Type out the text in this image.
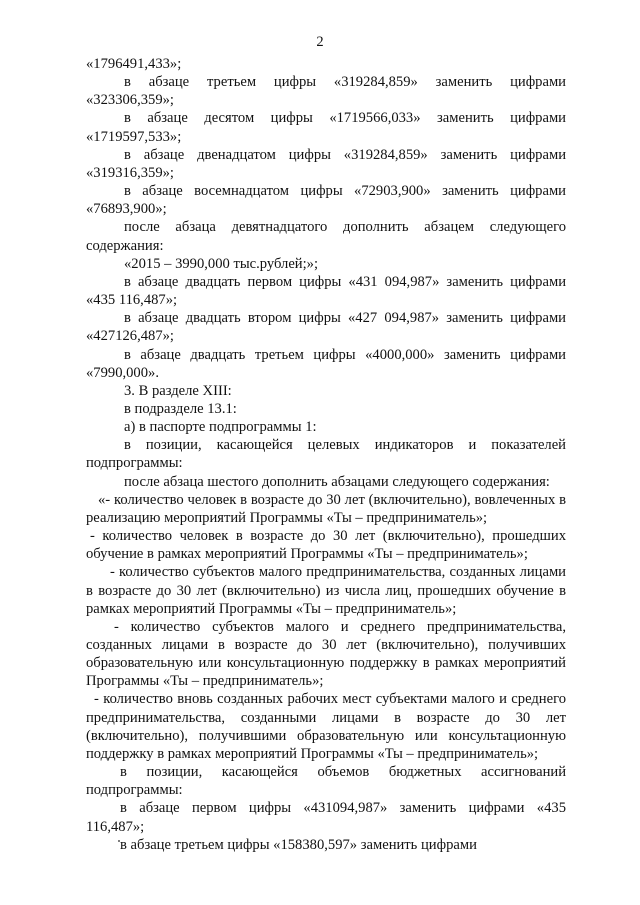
2

«1796491,433»;

в абзаце третьем цифры «319284,859» заменить цифрами «323306,359»;

в абзаце десятом цифры «1719566,033» заменить цифрами «1719597,533»;

в абзаце двенадцатом цифры «319284,859» заменить цифрами «319316,359»;

в абзаце восемнадцатом цифры «72903,900» заменить цифрами «76893,900»;

после абзаца девятнадцатого дополнить абзацем следующего содержания:

«2015 – 3990,000 тыс.рублей;»;

в абзаце двадцать первом цифры «431 094,987» заменить цифрами «435 116,487»;

в абзаце двадцать втором цифры «427 094,987» заменить цифрами «427126,487»;

в абзаце двадцать третьем цифры «4000,000» заменить цифрами «7990,000».

3. В разделе XIII:

в подразделе 13.1:

а) в паспорте подпрограммы 1:

в позиции, касающейся целевых индикаторов и показателей подпрограммы:

после абзаца шестого дополнить абзацами следующего содержания:

«- количество человек в возрасте до 30 лет (включительно), вовлеченных в реализацию мероприятий Программы «Ты – предприниматель»;

- количество человек в возрасте до 30 лет (включительно), прошедших обучение в рамках мероприятий Программы «Ты – предприниматель»;

- количество субъектов малого предпринимательства, созданных лицами в возрасте до 30 лет (включительно) из числа лиц, прошедших обучение в рамках мероприятий Программы «Ты – предприниматель»;

- количество субъектов малого и среднего предпринимательства, созданных лицами в возрасте до 30 лет (включительно), получивших образовательную или консультационную поддержку в рамках мероприятий Программы «Ты – предприниматель»;

- количество вновь созданных рабочих мест субъектами малого и среднего предпринимательства, созданными лицами в возрасте до 30 лет (включительно), получившими образовательную или консультационную поддержку в рамках мероприятий Программы «Ты – предприниматель»;

в позиции, касающейся объемов бюджетных ассигнований подпрограммы:

в абзаце первом цифры «431094,987» заменить цифрами «435 116,487»;

в абзаце третьем цифры «158380,597» заменить цифрами
